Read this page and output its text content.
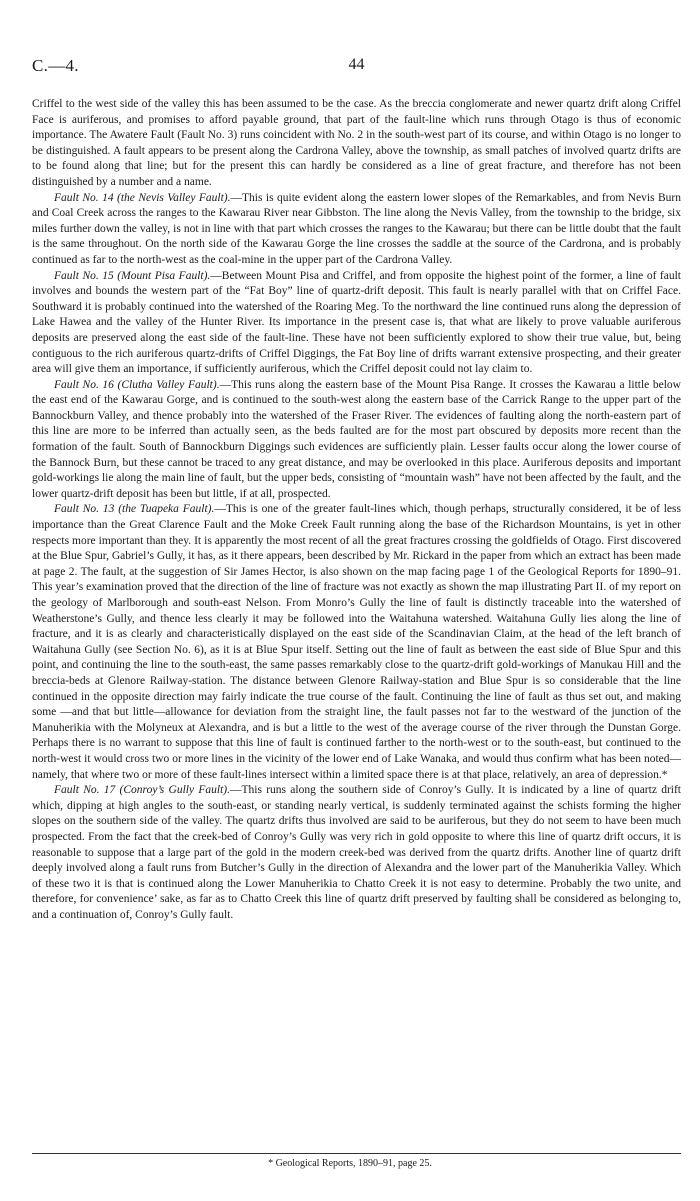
C.—4.	44

Criffel to the west side of the valley this has been assumed to be the case. As the breccia conglomerate and newer quartz drift along Criffel Face is auriferous, and promises to afford payable ground, that part of the fault-line which runs through Otago is thus of economic importance. The Awatere Fault (Fault No. 3) runs coincident with No. 2 in the south-west part of its course, and within Otago is no longer to be distinguished. A fault appears to be present along the Cardrona Valley, above the township, as small patches of involved quartz drifts are to be found along that line; but for the present this can hardly be considered as a line of great fracture, and therefore has not been distinguished by a number and a name.

Fault No. 14 (the Nevis Valley Fault).—This is quite evident along the eastern lower slopes of the Remarkables, and from Nevis Burn and Coal Creek across the ranges to the Kawarau River near Gibbston. The line along the Nevis Valley, from the township to the bridge, six miles further down the valley, is not in line with that part which crosses the ranges to the Kawarau; but there can be little doubt that the fault is the same throughout. On the north side of the Kawarau Gorge the line crosses the saddle at the source of the Cardrona, and is probably continued as far to the north-west as the coal-mine in the upper part of the Cardrona Valley.

Fault No. 15 (Mount Pisa Fault).—Between Mount Pisa and Criffel, and from opposite the highest point of the former, a line of fault involves and bounds the western part of the “Fat Boy” line of quartz-drift deposit. This fault is nearly parallel with that on Criffel Face. Southward it is probably continued into the watershed of the Roaring Meg. To the northward the line continued runs along the depression of Lake Hawea and the valley of the Hunter River. Its importance in the present case is, that what are likely to prove valuable auriferous deposits are preserved along the east side of the fault-line. These have not been sufficiently explored to show their true value, but, being contiguous to the rich auriferous quartz-drifts of Criffel Diggings, the Fat Boy line of drifts warrant extensive prospecting, and their greater area will give them an importance, if sufficiently auriferous, which the Criffel deposit could not lay claim to.

Fault No. 16 (Clutha Valley Fault).—This runs along the eastern base of the Mount Pisa Range. It crosses the Kawarau a little below the east end of the Kawarau Gorge, and is continued to the south-west along the eastern base of the Carrick Range to the upper part of the Bannockburn Valley, and thence probably into the watershed of the Fraser River. The evidences of faulting along the north-eastern part of this line are more to be inferred than actually seen, as the beds faulted are for the most part obscured by deposits more recent than the formation of the fault. South of Bannockburn Diggings such evidences are sufficiently plain. Lesser faults occur along the lower course of the Bannock Burn, but these cannot be traced to any great distance, and may be overlooked in this place. Auriferous deposits and important gold-workings lie along the main line of fault, but the upper beds, consisting of “mountain wash” have not been affected by the fault, and the lower quartz-drift deposit has been but little, if at all, prospected.

Fault No. 13 (the Tuapeka Fault).—This is one of the greater fault-lines which, though perhaps, structurally considered, it be of less importance than the Great Clarence Fault and the Moke Creek Fault running along the base of the Richardson Mountains, is yet in other respects more important than they. It is apparently the most recent of all the great fractures crossing the goldfields of Otago. First discovered at the Blue Spur, Gabriel’s Gully, it has, as it there appears, been described by Mr. Rickard in the paper from which an extract has been made at page 2. The fault, at the suggestion of Sir James Hector, is also shown on the map facing page 1 of the Geological Reports for 1890–91. This year’s examination proved that the direction of the line of fracture was not exactly as shown the map illustrating Part II. of my report on the geology of Marlborough and south-east Nelson. From Monro’s Gully the line of fault is distinctly traceable into the watershed of Weatherstone’s Gully, and thence less clearly it may be followed into the Waitahuna watershed. Waitahuna Gully lies along the line of fracture, and it is as clearly and characteristically displayed on the east side of the Scandinavian Claim, at the head of the left branch of Waitahuna Gully (see Section No. 6), as it is at Blue Spur itself. Setting out the line of fault as between the east side of Blue Spur and this point, and continuing the line to the south-east, the same passes remarkably close to the quartz-drift gold-workings of Manukau Hill and the breccia-beds at Glenore Railway-station. The distance between Glenore Railway-station and Blue Spur is so considerable that the line continued in the opposite direction may fairly indicate the true course of the fault. Continuing the line of fault as thus set out, and making some —and that but little—allowance for deviation from the straight line, the fault passes not far to the westward of the junction of the Manuherikia with the Molyneux at Alexandra, and is but a little to the west of the average course of the river through the Dunstan Gorge. Perhaps there is no warrant to suppose that this line of fault is continued farther to the north-west or to the south-east, but continued to the north-west it would cross two or more lines in the vicinity of the lower end of Lake Wanaka, and would thus confirm what has been noted—namely, that where two or more of these fault-lines intersect within a limited space there is at that place, relatively, an area of depression.*

Fault No. 17 (Conroy’s Gully Fault).—This runs along the southern side of Conroy’s Gully. It is indicated by a line of quartz drift which, dipping at high angles to the south-east, or standing nearly vertical, is suddenly terminated against the schists forming the higher slopes on the southern side of the valley. The quartz drifts thus involved are said to be auriferous, but they do not seem to have been much prospected. From the fact that the creek-bed of Conroy’s Gully was very rich in gold opposite to where this line of quartz drift occurs, it is reasonable to suppose that a large part of the gold in the modern creek-bed was derived from the quartz drifts. Another line of quartz drift deeply involved along a fault runs from Butcher’s Gully in the direction of Alexandra and the lower part of the Manuherikia Valley. Which of these two it is that is continued along the Lower Manuherikia to Chatto Creek it is not easy to determine. Probably the two unite, and therefore, for convenience’ sake, as far as to Chatto Creek this line of quartz drift preserved by faulting shall be considered as belonging to, and a continuation of, Conroy’s Gully fault.

* Geological Reports, 1890–91, page 25.
